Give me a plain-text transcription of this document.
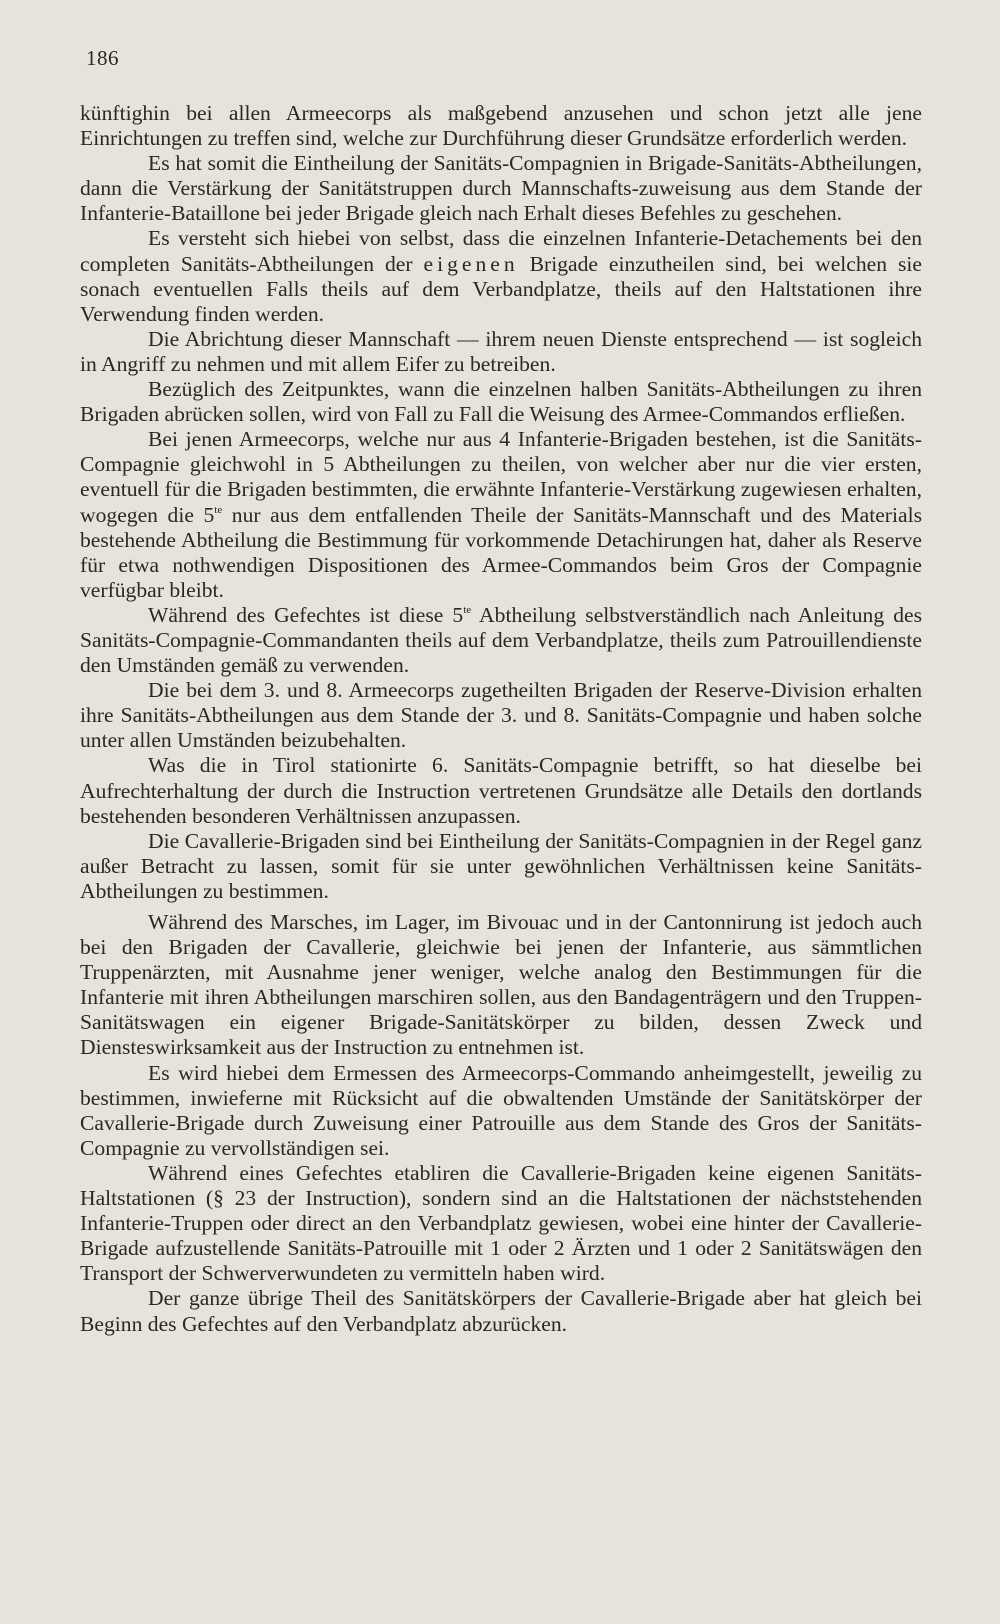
186

künftighin bei allen Armeecorps als maßgebend anzusehen und schon jetzt alle jene Einrichtungen zu treffen sind, welche zur Durchführung dieser Grundsätze erforderlich werden.

Es hat somit die Eintheilung der Sanitäts-Compagnien in Brigade-Sanitäts-Abtheilungen, dann die Verstärkung der Sanitätstruppen durch Mannschafts-zuweisung aus dem Stande der Infanterie-Bataillone bei jeder Brigade gleich nach Erhalt dieses Befehles zu geschehen.

Es versteht sich hiebei von selbst, dass die einzelnen Infanterie-Detachements bei den completen Sanitäts-Abtheilungen der eigenen Brigade einzutheilen sind, bei welchen sie sonach eventuellen Falls theils auf dem Verbandplatze, theils auf den Haltstationen ihre Verwendung finden werden.

Die Abrichtung dieser Mannschaft — ihrem neuen Dienste entsprechend — ist sogleich in Angriff zu nehmen und mit allem Eifer zu betreiben.

Bezüglich des Zeitpunktes, wann die einzelnen halben Sanitäts-Abtheilungen zu ihren Brigaden abrücken sollen, wird von Fall zu Fall die Weisung des Armee-Commandos erfließen.

Bei jenen Armeecorps, welche nur aus 4 Infanterie-Brigaden bestehen, ist die Sanitäts-Compagnie gleichwohl in 5 Abtheilungen zu theilen, von welcher aber nur die vier ersten, eventuell für die Brigaden bestimmten, die erwähnte Infanterie-Verstärkung zugewiesen erhalten, wogegen die $5^{te}$ nur aus dem entfallenden Theile der Sanitäts-Mannschaft und des Materials bestehende Abtheilung die Bestimmung für vorkommende Detachirungen hat, daher als Reserve für etwa nothwendigen Dispositionen des Armee-Commandos beim Gros der Compagnie verfügbar bleibt.

Während des Gefechtes ist diese $5^{te}$ Abtheilung selbstverständlich nach Anleitung des Sanitäts-Compagnie-Commandanten theils auf dem Verbandplatze, theils zum Patrouillendienste den Umständen gemäß zu verwenden.

Die bei dem 3. und 8. Armeecorps zugetheilten Brigaden der Reserve-Division erhalten ihre Sanitäts-Abtheilungen aus dem Stande der 3. und 8. Sanitäts-Compagnie und haben solche unter allen Umständen beizubehalten.

Was die in Tirol stationirte 6. Sanitäts-Compagnie betrifft, so hat dieselbe bei Aufrechterhaltung der durch die Instruction vertretenen Grundsätze alle Details den dortlands bestehenden besonderen Verhältnissen anzupassen.

Die Cavallerie-Brigaden sind bei Eintheilung der Sanitäts-Compagnien in der Regel ganz außer Betracht zu lassen, somit für sie unter gewöhnlichen Verhältnissen keine Sanitäts-Abtheilungen zu bestimmen.

Während des Marsches, im Lager, im Bivouac und in der Cantonnirung ist jedoch auch bei den Brigaden der Cavallerie, gleichwie bei jenen der Infanterie, aus sämmtlichen Truppenärzten, mit Ausnahme jener weniger, welche analog den Bestimmungen für die Infanterie mit ihren Abtheilungen marschiren sollen, aus den Bandagenträgern und den Truppen-Sanitätswagen ein eigener Brigade-Sanitätskörper zu bilden, dessen Zweck und Diensteswirksamkeit aus der Instruction zu entnehmen ist.

Es wird hiebei dem Ermessen des Armeecorps-Commando anheimgestellt, jeweilig zu bestimmen, inwieferne mit Rücksicht auf die obwaltenden Umstände der Sanitätskörper der Cavallerie-Brigade durch Zuweisung einer Patrouille aus dem Stande des Gros der Sanitäts-Compagnie zu vervollständigen sei.

Während eines Gefechtes etabliren die Cavallerie-Brigaden keine eigenen Sanitäts-Haltstationen (§ 23 der Instruction), sondern sind an die Haltstationen der nächststehenden Infanterie-Truppen oder direct an den Verbandplatz gewiesen, wobei eine hinter der Cavallerie-Brigade aufzustellende Sanitäts-Patrouille mit 1 oder 2 Ärzten und 1 oder 2 Sanitätswägen den Transport der Schwerverwundeten zu vermitteln haben wird.

Der ganze übrige Theil des Sanitätskörpers der Cavallerie-Brigade aber hat gleich bei Beginn des Gefechtes auf den Verbandplatz abzurücken.
